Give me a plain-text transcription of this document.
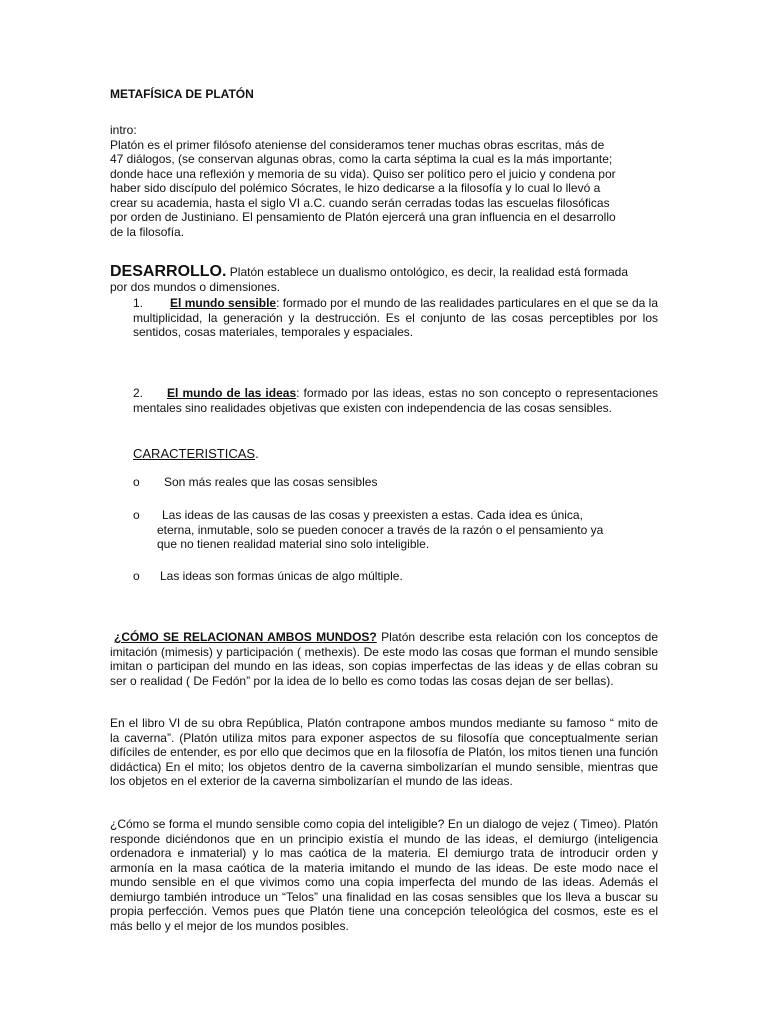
METAFÍSICA DE PLATÓN
intro:
Platón es el primer filósofo ateniense del consideramos tener muchas obras escritas, más de
47 diálogos, (se conservan algunas obras, como la carta séptima la cual es la más importante;
donde hace una reflexión y memoria de su vida). Quiso ser político pero el juicio y condena por
haber sido discípulo del polémico Sócrates, le hizo dedicarse a la filosofía y lo cual lo llevó a
crear su academia, hasta el siglo VI a.C. cuando serán cerradas todas las escuelas filosóficas
por orden de Justiniano. El pensamiento de Platón ejercerá una gran influencia en el desarrollo
de la filosofía.
DESARROLLO. Platón establece un dualismo ontológico, es decir, la realidad está formada
por dos mundos o dimensiones.
1. El mundo sensible: formado por el mundo de las realidades particulares en el que se da la multiplicidad, la generación y la destrucción. Es el conjunto de las cosas perceptibles por los sentidos, cosas materiales, temporales y espaciales.
2. El mundo de las ideas: formado por las ideas, estas no son concepto o representaciones mentales sino realidades objetivas que existen con independencia de las cosas sensibles.
CARACTERISTICAS.
o Son más reales que las cosas sensibles
o	Las ideas de las causas de las cosas y preexisten a estas. Cada idea es única,
eterna, inmutable, solo se pueden conocer a través de la razón o el pensamiento ya
que no tienen realidad material sino solo inteligible.
o Las ideas son formas únicas de algo múltiple.
¿CÓMO SE RELACIONAN AMBOS MUNDOS? Platón describe esta relación con los conceptos de imitación (mimesis) y participación ( methexis). De este modo las cosas que forman el mundo sensible imitan o participan del mundo en las ideas, son copias imperfectas de las ideas y de ellas cobran su ser o realidad ( De Fedón” por la idea de lo bello es como todas las cosas dejan de ser bellas).
En el libro VI de su obra República, Platón contrapone ambos mundos mediante su famoso “ mito de la caverna”. (Platón utiliza mitos para exponer aspectos de su filosofía que conceptualmente serian difíciles de entender, es por ello que decimos que en la filosofía de Platón, los mitos tienen una función didáctica) En el mito; los objetos dentro de la caverna simbolizarían el mundo sensible, mientras que los objetos en el exterior de la caverna simbolizarían el mundo de las ideas.
¿Cómo se forma el mundo sensible como copia del inteligible? En un dialogo de vejez ( Timeo). Platón responde diciéndonos que en un principio existía el mundo de las ideas, el demiurgo (inteligencia ordenadora e inmaterial) y lo mas caótica de la materia. El demiurgo trata de introducir orden y armonía en la masa caótica de la materia imitando el mundo de las ideas. De este modo nace el mundo sensible en el que vivimos como una copia imperfecta del mundo de las ideas. Además el demiurgo también introduce un “Telos” una finalidad en las cosas sensibles que los lleva a buscar su propia perfección. Vemos pues que Platón tiene una concepción teleológica del cosmos, este es el más bello y el mejor de los mundos posibles.
